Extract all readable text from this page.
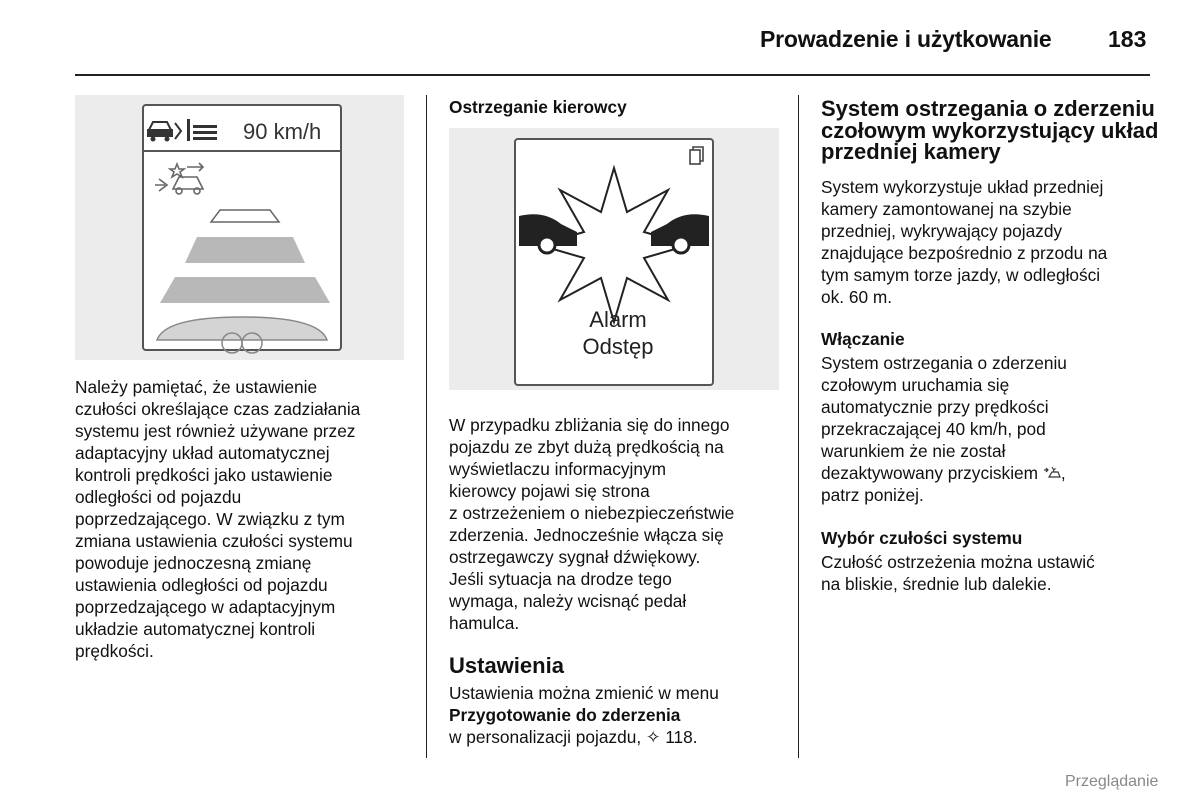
Prowadzenie i użytkowanie 183
90 km/h
Należy pamiętać, że ustawienie
czułości określające czas zadziałania
systemu jest również używane przez
adaptacyjny układ automatycznej
kontroli prędkości jako ustawienie
odległości od pojazdu
poprzedzającego. W związku z tym
zmiana ustawienia czułości systemu
powoduje jednoczesną zmianę
ustawienia odległości od pojazdu
poprzedzającego w adaptacyjnym
układzie automatycznej kontroli
prędkości.
Ostrzeganie kierowcy
Alarm
Odstęp
W przypadku zbliżania się do innego
pojazdu ze zbyt dużą prędkością na
wyświetlaczu informacyjnym
kierowcy pojawi się strona
z ostrzeżeniem o niebezpieczeństwie
zderzenia. Jednocześnie włącza się
ostrzegawczy sygnał dźwiękowy.
Jeśli sytuacja na drodze tego
wymaga, należy wcisnąć pedał
hamulca.
Ustawienia
Ustawienia można zmienić w menu
Przygotowanie do zderzenia
w personalizacji pojazdu, ✧ 118.
System ostrzegania o zderzeniu
czołowym wykorzystujący układ
przedniej kamery
System wykorzystuje układ przedniej
kamery zamontowanej na szybie
przedniej, wykrywający pojazdy
znajdujące bezpośrednio z przodu na
tym samym torze jazdy, w odległości
ok. 60 m.
Włączanie
System ostrzegania o zderzeniu
czołowym uruchamia się
automatycznie przy prędkości
przekraczającej 40 km/h, pod
warunkiem że nie został
dezaktywowany przyciskiem ,
patrz poniżej.
Wybór czułości systemu
Czułość ostrzeżenia można ustawić
na bliskie, średnie lub dalekie.
Przeglądanie
